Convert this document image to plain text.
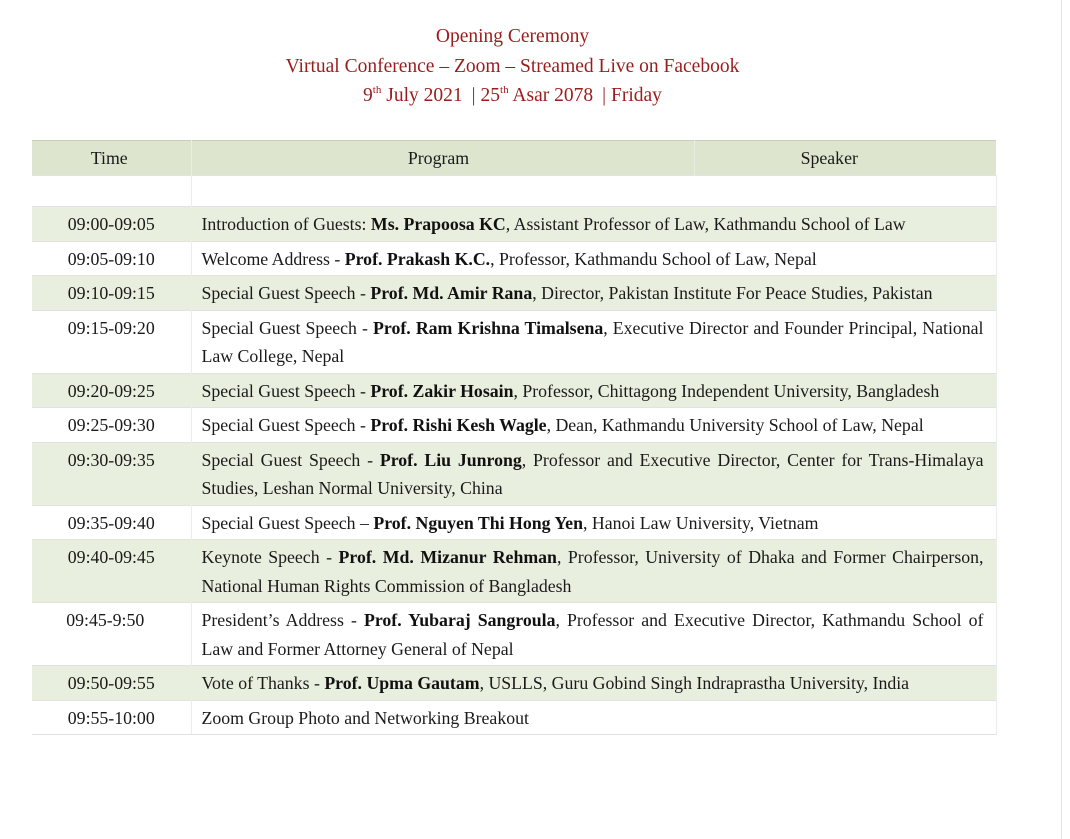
Opening Ceremony
Virtual Conference – Zoom – Streamed Live on Facebook
9th July 2021 | 25th Asar 2078 | Friday
Time	Program	Speaker

09:00-09:05	Introduction of Guests: Ms. Prapoosa KC, Assistant Professor of Law, Kathmandu School of Law	
09:05-09:10	Welcome Address - Prof. Prakash K.C., Professor, Kathmandu School of Law, Nepal	
09:10-09:15	Special Guest Speech - Prof. Md. Amir Rana, Director, Pakistan Institute For Peace Studies, Pakistan	
09:15-09:20	Special Guest Speech - Prof. Ram Krishna Timalsena, Executive Director and Founder Principal, National Law College, Nepal	
09:20-09:25	Special Guest Speech - Prof. Zakir Hosain, Professor, Chittagong Independent University, Bangladesh	
09:25-09:30	Special Guest Speech - Prof. Rishi Kesh Wagle, Dean, Kathmandu University School of Law, Nepal	
09:30-09:35	Special Guest Speech - Prof. Liu Junrong, Professor and Executive Director, Center for Trans-Himalaya Studies, Leshan Normal University, China	
09:35-09:40	Special Guest Speech – Prof. Nguyen Thi Hong Yen, Hanoi Law University, Vietnam	
09:40-09:45	Keynote Speech - Prof. Md. Mizanur Rehman, Professor, University of Dhaka and Former Chairperson, National Human Rights Commission of Bangladesh	
09:45-9:50	President’s Address - Prof. Yubaraj Sangroula, Professor and Executive Director, Kathmandu School of Law and Former Attorney General of Nepal	
09:50-09:55	Vote of Thanks - Prof. Upma Gautam, USLLS, Guru Gobind Singh Indraprastha University, India	
09:55-10:00	Zoom Group Photo and Networking Breakout	
